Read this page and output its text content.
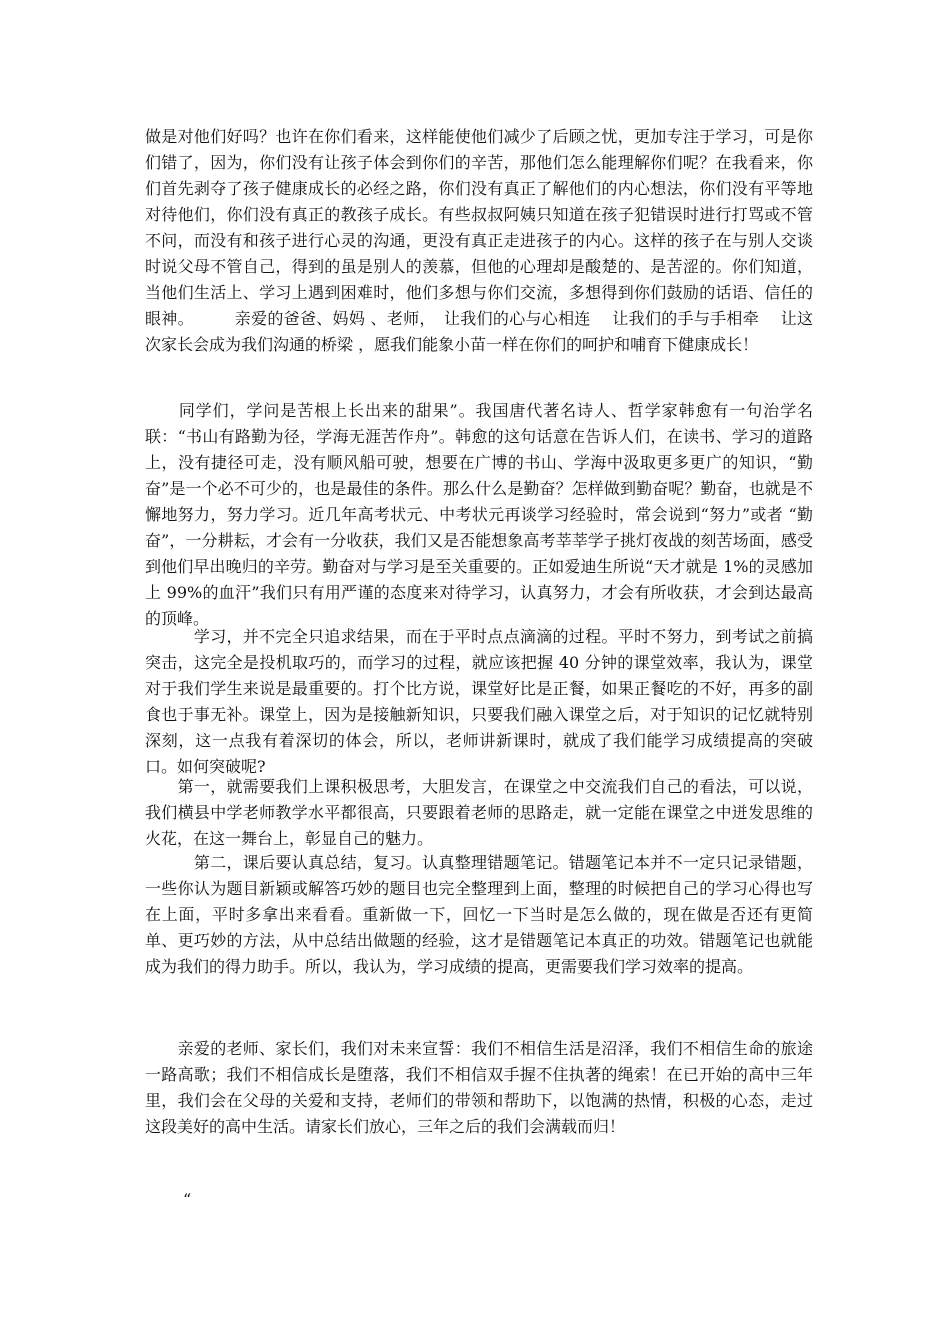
做是对他们好吗？也许在你们看来，这样能使他们减少了后顾之忧，更加专注于学习，可是你们错了，因为，你们没有让孩子体会到你们的辛苦，那他们怎么能理解你们呢？在我看来，你们首先剥夺了孩子健康成长的必经之路，你们没有真正了解他们的内心想法，你们没有平等地对待他们，你们没有真正的教孩子成长。有些叔叔阿姨只知道在孩子犯错误时进行打骂或不管不问，而没有和孩子进行心灵的沟通，更没有真正走进孩子的内心。这样的孩子在与别人交谈时说父母不管自己，得到的虽是别人的羡慕，但他的心理却是酸楚的、是苦涩的。你们知道，当他们生活上、学习上遇到困难时，他们多想与你们交流，多想得到你们鼓励的话语、信任的眼神。　　　亲爱的爸爸、妈妈 、老师，　让我们的心与心相连　 让我们的手与手相牵　 让这次家长会成为我们沟通的桥梁 ，愿我们能象小苗一样在你们的呵护和哺育下健康成长！

　　同学们，学问是苦根上长出来的甜果”。我国唐代著名诗人、哲学家韩愈有一句治学名联：“书山有路勤为径，学海无涯苦作舟”。韩愈的这句话意在告诉人们，在读书、学习的道路上，没有捷径可走，没有顺风船可驶，想要在广博的书山、学海中汲取更多更广的知识，“勤奋”是一个必不可少的，也是最佳的条件。那么什么是勤奋？怎样做到勤奋呢？勤奋，也就是不懈地努力，努力学习。近几年高考状元、中考状元再谈学习经验时，常会说到“努力”或者 “勤奋”，一分耕耘，才会有一分收获，我们又是否能想象高考莘莘学子挑灯夜战的刻苦场面，感受到他们早出晚归的辛劳。勤奋对与学习是至关重要的。正如爱迪生所说“天才就是 1%的灵感加上 99%的血汗”我们只有用严谨的态度来对待学习，认真努力，才会有所收获，才会到达最高的顶峰。

　　　学习，并不完全只追求结果，而在于平时点点滴滴的过程。平时不努力，到考试之前搞突击，这完全是投机取巧的，而学习的过程，就应该把握 40 分钟的课堂效率，我认为，课堂对于我们学生来说是最重要的。打个比方说，课堂好比是正餐，如果正餐吃的不好，再多的副食也于事无补。课堂上，因为是接触新知识，只要我们融入课堂之后，对于知识的记忆就特别深刻，这一点我有着深切的体会，所以，老师讲新课时，就成了我们能学习成绩提高的突破口。如何突破呢?

　　第一，就需要我们上课积极思考，大胆发言，在课堂之中交流我们自己的看法，可以说，我们横县中学老师教学水平都很高，只要跟着老师的思路走，就一定能在课堂之中迸发思维的火花，在这一舞台上，彰显自己的魅力。

　　　第二，课后要认真总结，复习。认真整理错题笔记。错题笔记本并不一定只记录错题，一些你认为题目新颖或解答巧妙的题目也完全整理到上面，整理的时候把自己的学习心得也写在上面，平时多拿出来看看。重新做一下，回忆一下当时是怎么做的，现在做是否还有更简单、更巧妙的方法，从中总结出做题的经验，这才是错题笔记本真正的功效。错题笔记也就能成为我们的得力助手。所以，我认为，学习成绩的提高，更需要我们学习效率的提高。

　　亲爱的老师、家长们，我们对未来宣誓：我们不相信生活是沼泽，我们不相信生命的旅途一路高歌；我们不相信成长是堕落，我们不相信双手握不住执著的绳索！在已开始的高中三年里，我们会在父母的关爱和支持，老师们的带领和帮助下，以饱满的热情，积极的心态，走过这段美好的高中生活。请家长们放心，三年之后的我们会满载而归！

“
